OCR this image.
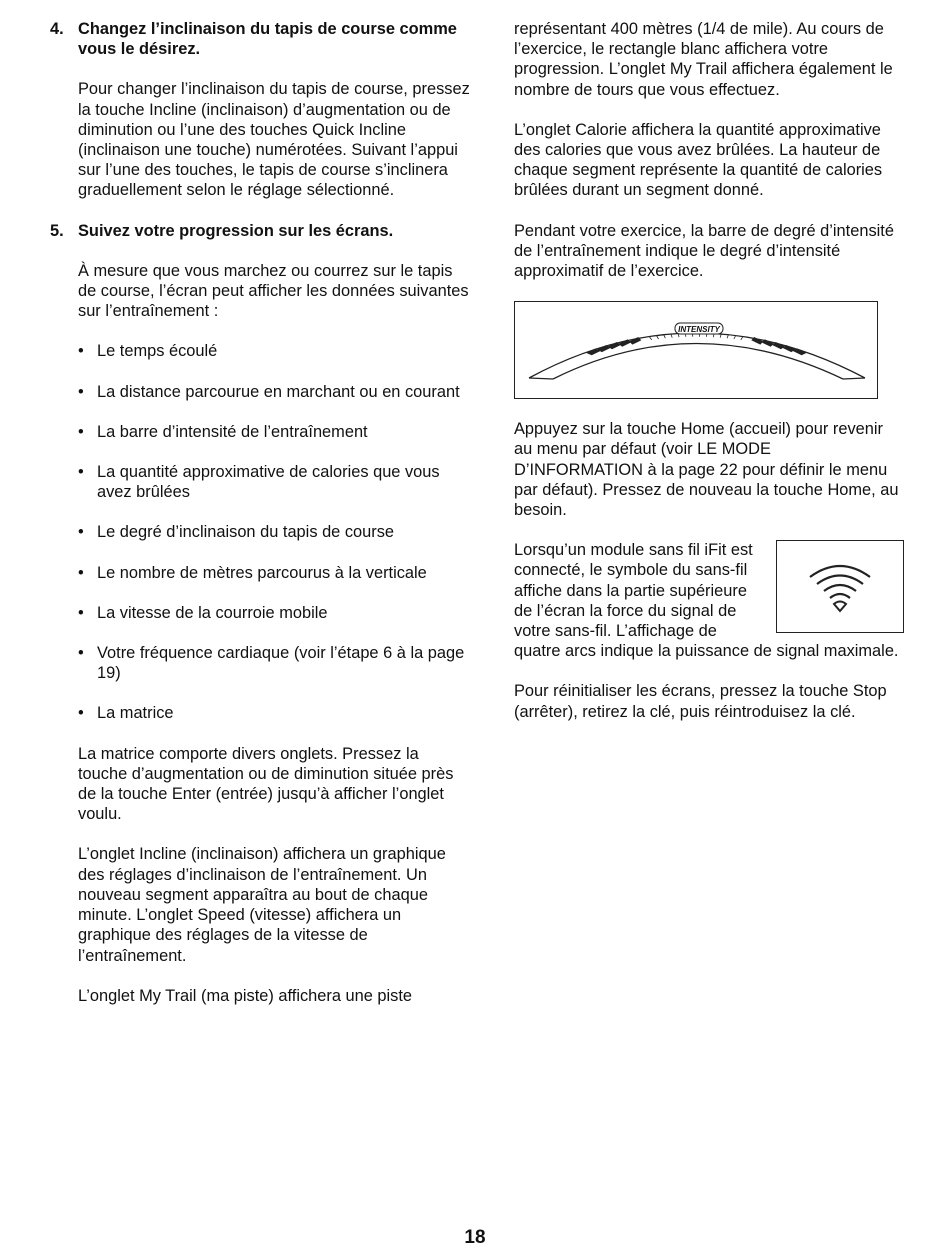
4. Changez l’inclinaison du tapis de course comme vous le désirez.

Pour changer l’inclinaison du tapis de course, pressez la touche Incline (inclinaison) d’augmentation ou de diminution ou l’une des touches Quick Incline (inclinaison une touche) numérotées. Suivant l’appui sur l’une des touches, le tapis de course s’inclinera graduellement selon le réglage sélectionné.

5. Suivez votre progression sur les écrans.

À mesure que vous marchez ou courrez sur le tapis de course, l’écran peut afficher les données suivantes sur l’entraînement :

• Le temps écoulé
• La distance parcourue en marchant ou en courant
• La barre d’intensité de l’entraînement
• La quantité approximative de calories que vous avez brûlées
• Le degré d’inclinaison du tapis de course
• Le nombre de mètres parcourus à la verticale
• La vitesse de la courroie mobile
• Votre fréquence cardiaque (voir l’étape 6 à la page 19)
• La matrice

La matrice comporte divers onglets. Pressez la touche d’augmentation ou de diminution située près de la touche Enter (entrée) jusqu’à afficher l’onglet voulu.

L’onglet Incline (inclinaison) affichera un graphique des réglages d’inclinaison de l’entraînement. Un nouveau segment apparaîtra au bout de chaque minute. L’onglet Speed (vitesse) affichera un graphique des réglages de la vitesse de l’entraînement.

L’onglet My Trail (ma piste) affichera une piste

représentant 400 mètres (1/4 de mile). Au cours de l’exercice, le rectangle blanc affichera votre progression. L’onglet My Trail affichera également le nombre de tours que vous effectuez.

L’onglet Calorie affichera la quantité approximative des calories que vous avez brûlées. La hauteur de chaque segment représente la quantité de calories brûlées durant un segment donné.

Pendant votre exercice, la barre de degré d’intensité de l’entraînement indique le degré d’intensité approximatif de l’exercice.

INTENSITY

Appuyez sur la touche Home (accueil) pour revenir au menu par défaut (voir LE MODE D’INFORMATION à la page 22 pour définir le menu par défaut). Pressez de nouveau la touche Home, au besoin.

Lorsqu’un module sans fil iFit est connecté, le symbole du sans-fil affiche dans la partie supérieure de l’écran la force du signal de votre sans-fil. L’affichage de quatre arcs indique la puissance de signal maximale.

Pour réinitialiser les écrans, pressez la touche Stop (arrêter), retirez la clé, puis réintroduisez la clé.

18
